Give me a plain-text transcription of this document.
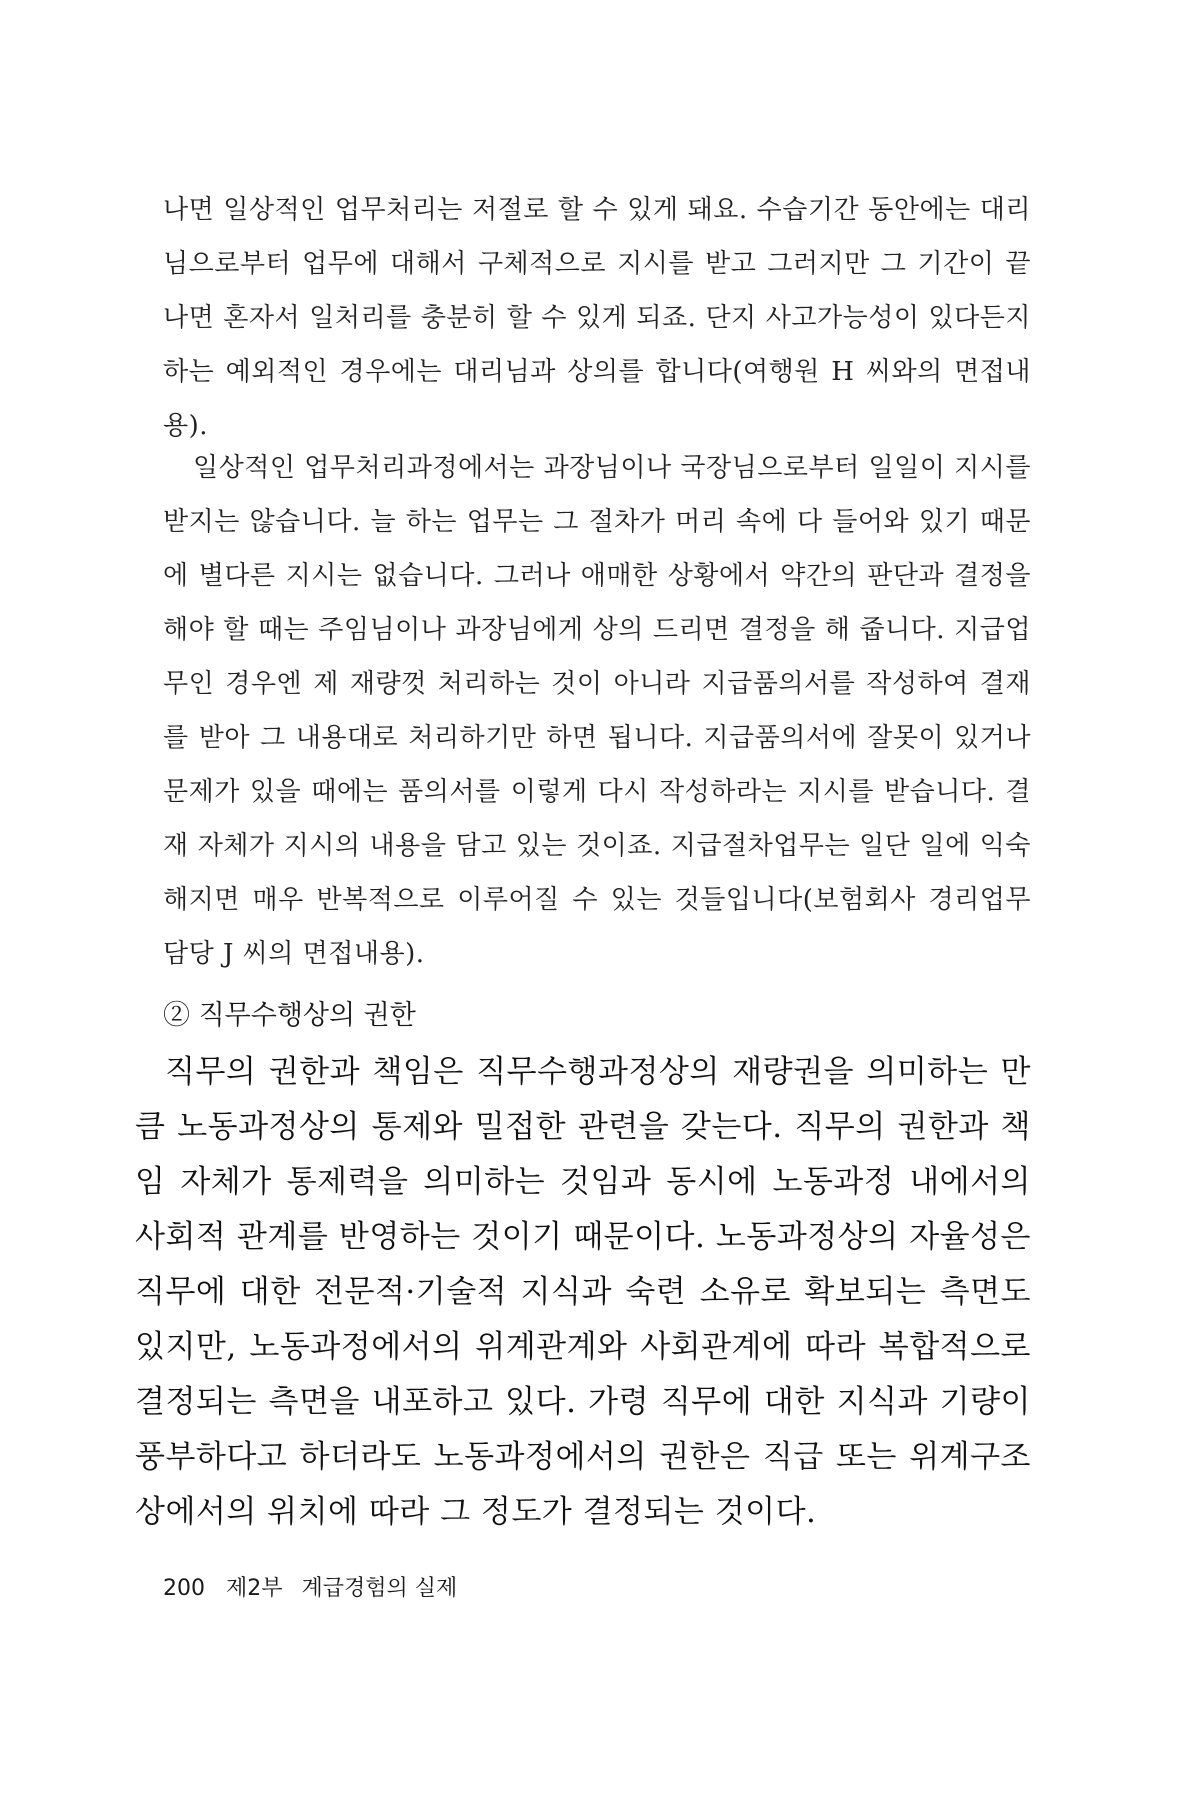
나면 일상적인 업무처리는 저절로 할 수 있게 돼요. 수습기간 동안에는 대리님으로부터 업무에 대해서 구체적으로 지시를 받고 그러지만 그 기간이 끝나면 혼자서 일처리를 충분히 할 수 있게 되죠. 단지 사고가능성이 있다든지 하는 예외적인 경우에는 대리님과 상의를 합니다(여행원 H 씨와의 면접내용).

일상적인 업무처리과정에서는 과장님이나 국장님으로부터 일일이 지시를 받지는 않습니다. 늘 하는 업무는 그 절차가 머리 속에 다 들어와 있기 때문에 별다른 지시는 없습니다. 그러나 애매한 상황에서 약간의 판단과 결정을 해야 할 때는 주임님이나 과장님에게 상의 드리면 결정을 해 줍니다. 지급업무인 경우엔 제 재량껏 처리하는 것이 아니라 지급품의서를 작성하여 결재를 받아 그 내용대로 처리하기만 하면 됩니다. 지급품의서에 잘못이 있거나 문제가 있을 때에는 품의서를 이렇게 다시 작성하라는 지시를 받습니다. 결재 자체가 지시의 내용을 담고 있는 것이죠. 지급절차업무는 일단 일에 익숙해지면 매우 반복적으로 이루어질 수 있는 것들입니다(보험회사 경리업무 담당 J 씨의 면접내용).

② 직무수행상의 권한

직무의 권한과 책임은 직무수행과정상의 재량권을 의미하는 만큼 노동과정상의 통제와 밀접한 관련을 갖는다. 직무의 권한과 책임 자체가 통제력을 의미하는 것임과 동시에 노동과정 내에서의 사회적 관계를 반영하는 것이기 때문이다. 노동과정상의 자율성은 직무에 대한 전문적·기술적 지식과 숙련 소유로 확보되는 측면도 있지만, 노동과정에서의 위계관계와 사회관계에 따라 복합적으로 결정되는 측면을 내포하고 있다. 가령 직무에 대한 지식과 기량이 풍부하다고 하더라도 노동과정에서의 권한은 직급 또는 위계구조상에서의 위치에 따라 그 정도가 결정되는 것이다.

200 제2부 계급경험의 실제
